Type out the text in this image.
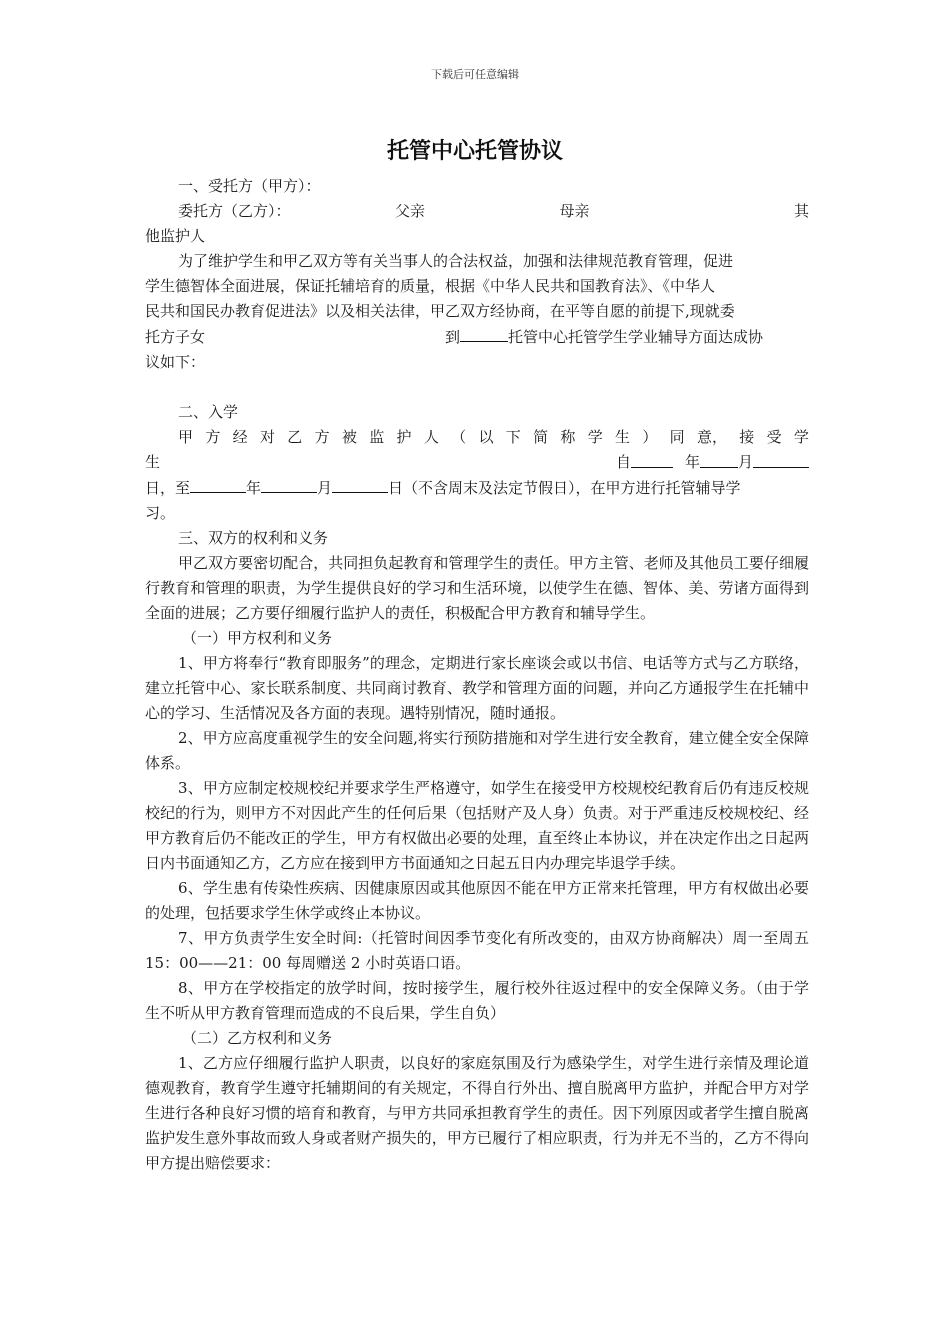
下载后可任意编辑
托管中心托管协议

一、受托方（甲方）：

委托方（乙方）：	父亲	母亲	其

他监护人

为了维护学生和甲乙双方等有关当事人的合法权益，加强和法律规范教育管理，促进

学生德智体全面进展，保证托辅培育的质量，根据《中华人民共和国教育法》、《中华人

民共和国民办教育促进法》以及相关法律，甲乙双方经协商，在平等自愿的前提下,现就委

托方子女	到	托管中心托管学生学业辅导方面达成协

议如下：

二、入学

甲 方 经 对 乙 方 被 监 护 人 （ 以 下 简 称 学 生 ） 同 意， 接 受 学

生	自	年	月

日，至	年	月	日（不含周末及法定节假日），在甲方进行托管辅导学

习。

三、双方的权利和义务

甲乙双方要密切配合，共同担负起教育和管理学生的责任。甲方主管、老师及其他员工要仔细履行教育和管理的职责，为学生提供良好的学习和生活环境，以使学生在德、智体、美、劳诸方面得到全面的进展；乙方要仔细履行监护人的责任，积极配合甲方教育和辅导学生。

（一）甲方权利和义务

1、甲方将奉行“教育即服务”的理念，定期进行家长座谈会或以书信、电话等方式与乙方联络，建立托管中心、家长联系制度、共同商讨教育、教学和管理方面的问题，并向乙方通报学生在托辅中心的学习、生活情况及各方面的表现。遇特别情况，随时通报。

2、甲方应高度重视学生的安全问题,将实行预防措施和对学生进行安全教育，建立健全安全保障体系。

3、甲方应制定校规校纪并要求学生严格遵守，如学生在接受甲方校规校纪教育后仍有违反校规校纪的行为，则甲方不对因此产生的任何后果（包括财产及人身）负责。对于严重违反校规校纪、经甲方教育后仍不能改正的学生，甲方有权做出必要的处理，直至终止本协议，并在决定作出之日起两日内书面通知乙方，乙方应在接到甲方书面通知之日起五日内办理完毕退学手续。

6、学生患有传染性疾病、因健康原因或其他原因不能在甲方正常来托管理，甲方有权做出必要的处理，包括要求学生休学或终止本协议。

7、甲方负责学生安全时间:（托管时间因季节变化有所改变的，由双方协商解决）周一至周五 15：00——21：00 每周赠送 2 小时英语口语。

8、甲方在学校指定的放学时间，按时接学生，履行校外往返过程中的安全保障义务。（由于学生不听从甲方教育管理而造成的不良后果，学生自负）

（二）乙方权利和义务

1、乙方应仔细履行监护人职责，以良好的家庭氛围及行为感染学生，对学生进行亲情及理论道德观教育，教育学生遵守托辅期间的有关规定，不得自行外出、擅自脱离甲方监护，并配合甲方对学生进行各种良好习惯的培育和教育，与甲方共同承担教育学生的责任。因下列原因或者学生擅自脱离监护发生意外事故而致人身或者财产损失的，甲方已履行了相应职责，行为并无不当的，乙方不得向甲方提出赔偿要求：
